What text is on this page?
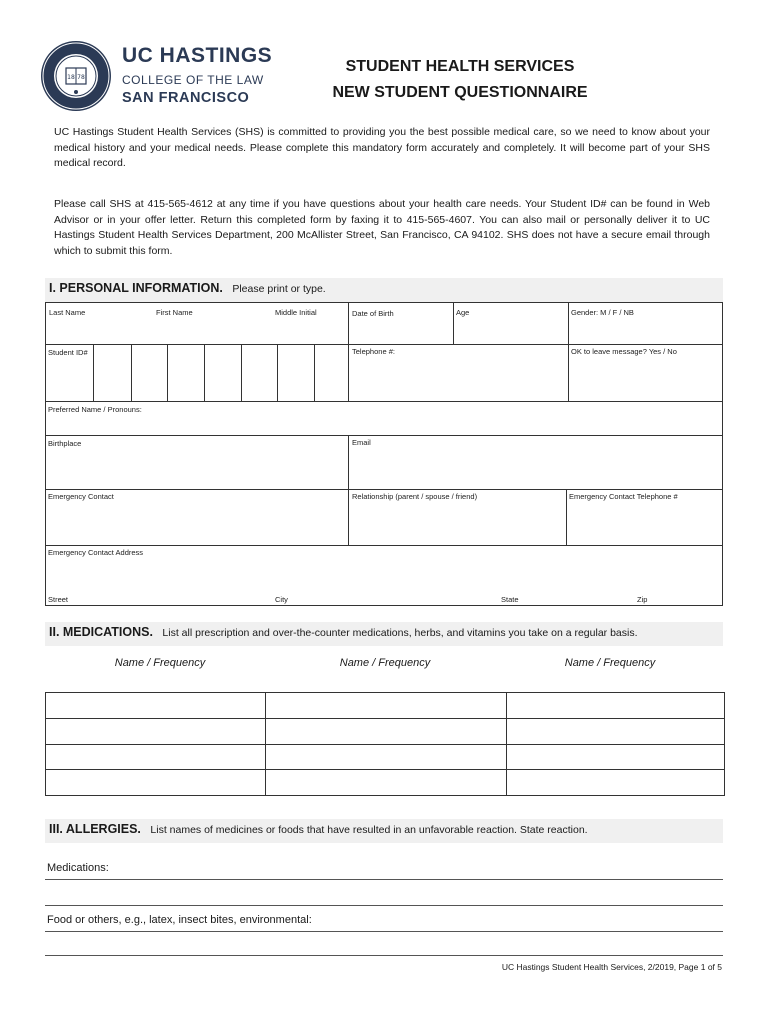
18 78
UC HASTINGS
COLLEGE OF THE LAW
SAN FRANCISCO
STUDENT HEALTH SERVICES
NEW STUDENT QUESTIONNAIRE
UC Hastings Student Health Services (SHS) is committed to providing you the best possible medical care, so we need to know about your medical history and your medical needs. Please complete this mandatory form accurately and completely. It will become part of your SHS medical record.
Please call SHS at 415-565-4612 at any time if you have questions about your health care needs. Your Student ID# can be found in Web Advisor or in your offer letter. Return this completed form by faxing it to 415-565-4607. You can also mail or personally deliver it to UC Hastings Student Health Services Department, 200 McAllister Street, San Francisco, CA 94102. SHS does not have a secure email through which to submit this form.
I. PERSONAL INFORMATION. Please print or type.
Last Name	First Name	Middle Initial	Date of Birth	Age	Gender: M / F / NB
Student ID#	Telephone #:	OK to leave message? Yes / No
Preferred Name / Pronouns:
Birthplace	Email
Emergency Contact	Relationship (parent / spouse / friend)	Emergency Contact Telephone #
Emergency Contact Address
Street	City	State	Zip
II. MEDICATIONS. List all prescription and over-the-counter medications, herbs, and vitamins you take on a regular basis.
Name / Frequency	Name / Frequency	Name / Frequency
III. ALLERGIES. List names of medicines or foods that have resulted in an unfavorable reaction. State reaction.
Medications:
Food or others, e.g., latex, insect bites, environmental:
UC Hastings Student Health Services, 2/2019, Page 1 of 5
